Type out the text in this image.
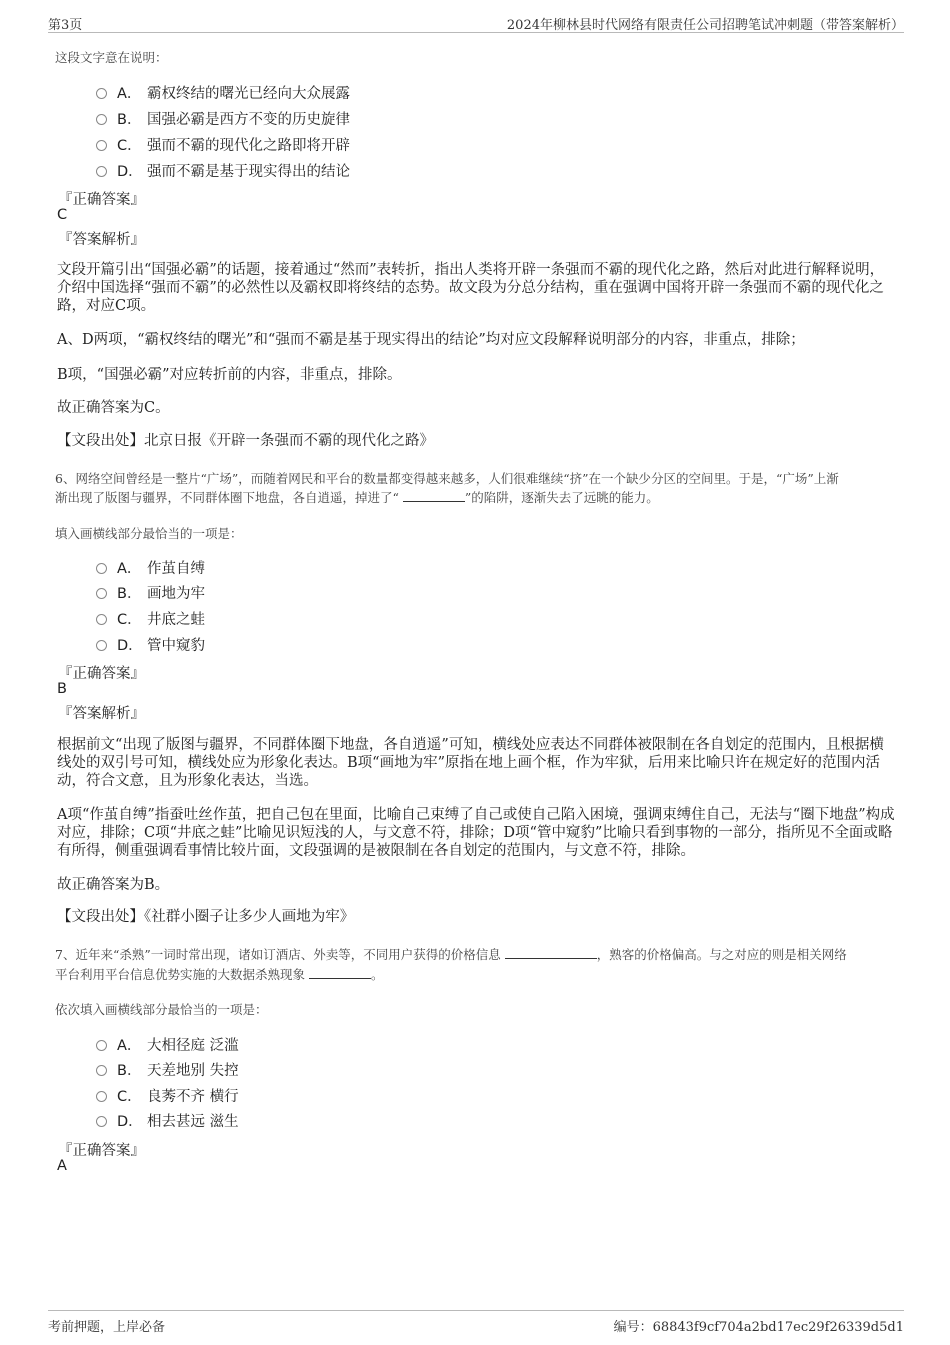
第3页	2024年柳林县时代网络有限责任公司招聘笔试冲刺题（带答案解析）
这段文字意在说明：
A． 霸权终结的曙光已经向大众展露
B． 国强必霸是西方不变的历史旋律
C． 强而不霸的现代化之路即将开辟
D． 强而不霸是基于现实得出的结论
『正确答案』
C
『答案解析』
文段开篇引出“国强必霸”的话题，接着通过“然而”表转折，指出人类将开辟一条强而不霸的现代化之路，然后对此进行解释说明，介绍中国选择“强而不霸”的必然性以及霸权即将终结的态势。故文段为分总分结构，重在强调中国将开辟一条强而不霸的现代化之路，对应C项。
A、D两项，“霸权终结的曙光”和“强而不霸是基于现实得出的结论”均对应文段解释说明部分的内容，非重点，排除；
B项，“国强必霸”对应转折前的内容，非重点，排除。
故正确答案为C。
【文段出处】北京日报《开辟一条强而不霸的现代化之路》
6、网络空间曾经是一整片“广场”，而随着网民和平台的数量都变得越来越多，人们很难继续“挤”在一个缺少分区的空间里。于是，“广场”上渐
渐出现了版图与疆界，不同群体圈下地盘，各自逍遥，掉进了“	”的陷阱，逐渐失去了远眺的能力。
填入画横线部分最恰当的一项是：
A． 作茧自缚
B． 画地为牢
C． 井底之蛙
D． 管中窥豹
『正确答案』
B
『答案解析』
根据前文“出现了版图与疆界，不同群体圈下地盘，各自逍遥”可知，横线处应表达不同群体被限制在各自划定的范围内，且根据横线处的双引号可知，横线处应为形象化表达。B项“画地为牢”原指在地上画个框，作为牢狱，后用来比喻只许在规定好的范围内活动，符合文意，且为形象化表达，当选。
A项“作茧自缚”指蚕吐丝作茧，把自己包在里面，比喻自己束缚了自己或使自己陷入困境，强调束缚住自己，无法与“圈下地盘”构成对应，排除；C项“井底之蛙”比喻见识短浅的人，与文意不符，排除；D项“管中窥豹”比喻只看到事物的一部分，指所见不全面或略有所得，侧重强调看事情比较片面，文段强调的是被限制在各自划定的范围内，与文意不符，排除。
故正确答案为B。
【文段出处】《社群小圈子让多少人画地为牢》
7、近年来“杀熟”一词时常出现，诸如订酒店、外卖等，不同用户获得的价格信息	，熟客的价格偏高。与之对应的则是相关网络
平台利用平台信息优势实施的大数据杀熟现象	。
依次填入画横线部分最恰当的一项是：
A． 大相径庭 泛滥
B． 天差地别 失控
C． 良莠不齐 横行
D． 相去甚远 滋生
『正确答案』
A
考前押题，上岸必备	编号：68843f9cf704a2bd17ec29f26339d5d1
